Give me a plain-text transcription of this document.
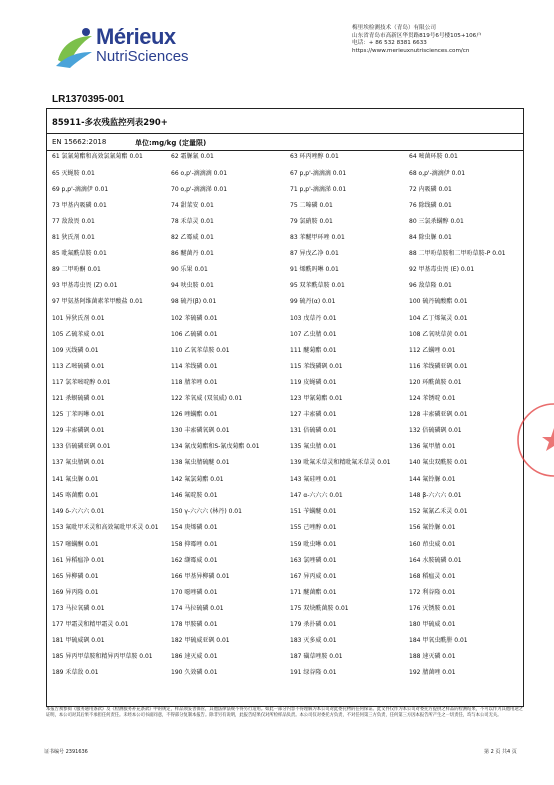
Mérieux
NutriSciences
梅里埃检测技术（青岛）有限公司
山东省青岛市高新区华贯路819号6号楼105+106户
电话：+ 86 532 8381 6633
https://www.merieuxnutrisciences.com/cn
LR1370395-001
85911-多农残监控列表290+
EN 15662:2018	单位:mg/kg (定量限)
61 氯氰菊酯和高效氯氰菊酯 0.01	62 霜脲氰 0.01	63 环丙唑醇 0.01	64 嘧菌环胺 0.01
65 灭蝇胺 0.01	66 o,p'-滴滴滴 0.01	67 p,p'-滴滴滴 0.01	68 o,p'-滴滴伊 0.01
69 p,p'-滴滴伊 0.01	70 o,p'-滴滴涕 0.01	71 p,p'-滴滴涕 0.01	72 内吸磷 0.01
73 甲基内吸磷 0.01	74 甜菜安 0.01	75 二嗪磷 0.01	76 除线磷 0.01
77 敌敌畏 0.01	78 禾草灵 0.01	79 氯硝胺 0.01	80 三氯杀螨醇 0.01
81 狄氏剂 0.01	82 乙霉威 0.01	83 苯醚甲环唑 0.01	84 除虫脲 0.01
85 吡氟酰草胺 0.01	86 醚菌丹 0.01	87 异戊乙净 0.01	88 二甲吩草胺和二甲吩草胺-P 0.01
89 二甲吩酮 0.01	90 乐果 0.01	91 烯酰吗啉 0.01	92 甲基毒虫畏 (E) 0.01
93 甲基毒虫畏 (Z) 0.01	94 呋虫胺 0.01	95 双苯酰草胺 0.01	96 敌草隆 0.01
97 甲氨基阿维菌素苯甲酸盐 0.01	98 硫丹(β) 0.01	99 硫丹(α) 0.01	100 硫丹硫酸酯 0.01
101 异狄氏剂 0.01	102 苯硫磷 0.01	103 戊草丹 0.01	104 乙丁烯氟灵 0.01
105 乙硫苯威 0.01	106 乙硫磷 0.01	107 乙虫腈 0.01	108 乙氧呋草黄 0.01
109 灭线磷 0.01	110 乙氧苯草胺 0.01	111 醚菊酯 0.01	112 乙螨唑 0.01
113 乙嘧硫磷 0.01	114 苯线磷 0.01	115 苯线磷砜 0.01	116 苯线磷亚砜 0.01
117 氯苯嘧啶醇 0.01	118 腈苯唑 0.01	119 皮蝇磷 0.01	120 环酰菌胺 0.01
121 杀螟硫磷 0.01	122 苯氧威 (双氧威) 0.01	123 甲氰菊酯 0.01	124 苯锈啶 0.01
125 丁苯吗啉 0.01	126 唑螨酯 0.01	127 丰索磷 0.01	128 丰索磷亚砜 0.01
129 丰索磷砜 0.01	130 丰索磷氧砜 0.01	131 倍硫磷 0.01	132 倍硫磷砜 0.01
133 倍硫磷亚砜 0.01	134 氰戊菊酯和S-氰戊菊酯 0.01	135 氟虫腈 0.01	136 氟甲腈 0.01
137 氟虫腈砜 0.01	138 氟虫腈硫醚 0.01	139 吡氟禾草灵和精吡氟禾草灵 0.01	140 氟虫双酰胺 0.01
141 氟虫脲 0.01	142 氟氯菊酯 0.01	143 氟硅唑 0.01	144 氟铃脲 0.01
145 咯菌酯 0.01	146 氟啶胺 0.01	147 α-六六六 0.01	148 β-六六六 0.01
149 δ-六六六 0.01	150 γ-六六六 (林丹) 0.01	151 苄螨醚 0.01	152 氟氰乙禾灵 0.01
153 氟吡甲禾灵和高效氟吡甲禾灵 0.01	154 庚烯磷 0.01	155 己唑醇 0.01	156 氟铃脲 0.01
157 噻螨酮 0.01	158 抑霉唑 0.01	159 吡虫啉 0.01	160 茚虫威 0.01
161 异稻瘟净 0.01	162 缬霉威 0.01	163 氯唑磷 0.01	164 水胺硫磷 0.01
165 异柳磷 0.01	166 甲基异柳磷 0.01	167 异丙威 0.01	168 稻瘟灵 0.01
169 异丙隆 0.01	170 噁唑磷 0.01	171 醚菌酯 0.01	172 利谷隆 0.01
173 马拉氧磷 0.01	174 马拉硫磷 0.01	175 双炔酰菌胺 0.01	176 灭锈胺 0.01
177 甲霜灵和精甲霜灵 0.01	178 甲胺磷 0.01	179 杀扑磷 0.01	180 甲硫威 0.01
181 甲硫威砜 0.01	182 甲硫威亚砜 0.01	183 灭多威 0.01	184 甲氧虫酰肼 0.01
185 异丙甲草胺和精异丙甲草胺 0.01	186 速灭威 0.01	187 磺草唑胺 0.01	188 速灭磷 0.01
189 禾草敌 0.01	190 久效磷 0.01	191 绿谷隆 0.01	192 腈菌唑 0.01
本报告须参阅《服务通用条款》及《检测服务补充条款》中的规定，样品须妥善保管，其他法律法规不得另行适用。如此一部分内容不得理解为本公司对此委托物的任何保证。此文件仅作为本公司对委托方提供之样品的检测结果，不可以作为其他用途之证明，本公司对其后果不承担任何责任。未经本公司书面同意，不得部分复制本报告。除非另有说明，此报告结果仅对所检样品负责。本公司仅对委托方负责，不对任何第三方负责，任何第三方因本报告所产生之一切责任，均与本公司无关。
证书编号 2391636	第 2 页 共4 页
